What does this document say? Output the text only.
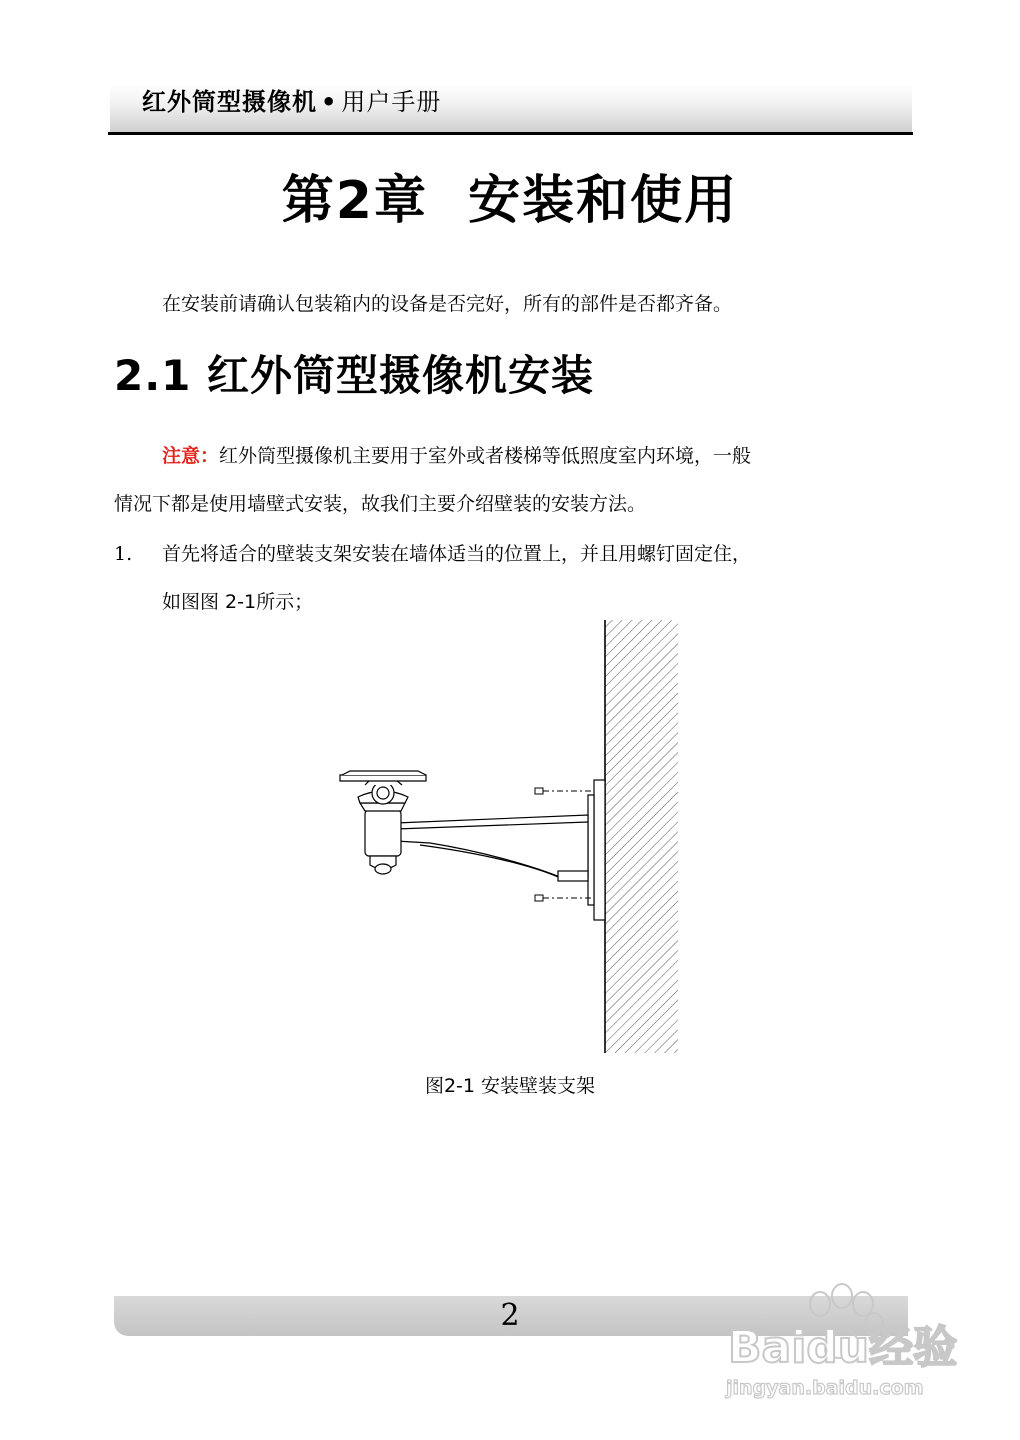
红外筒型摄像机 • 用户手册
第2章  安装和使用
在安装前请确认包装箱内的设备是否完好，所有的部件是否都齐备。
2.1 红外筒型摄像机安装
注意：红外筒型摄像机主要用于室外或者楼梯等低照度室内环境，一般
情况下都是使用墙壁式安装，故我们主要介绍壁装的安装方法。
1. 首先将适合的壁装支架安装在墙体适当的位置上，并且用螺钉固定住，
如图图 2-1所示；
图2-1 安装壁装支架
2
Baidu经验
jingyan.baidu.com
